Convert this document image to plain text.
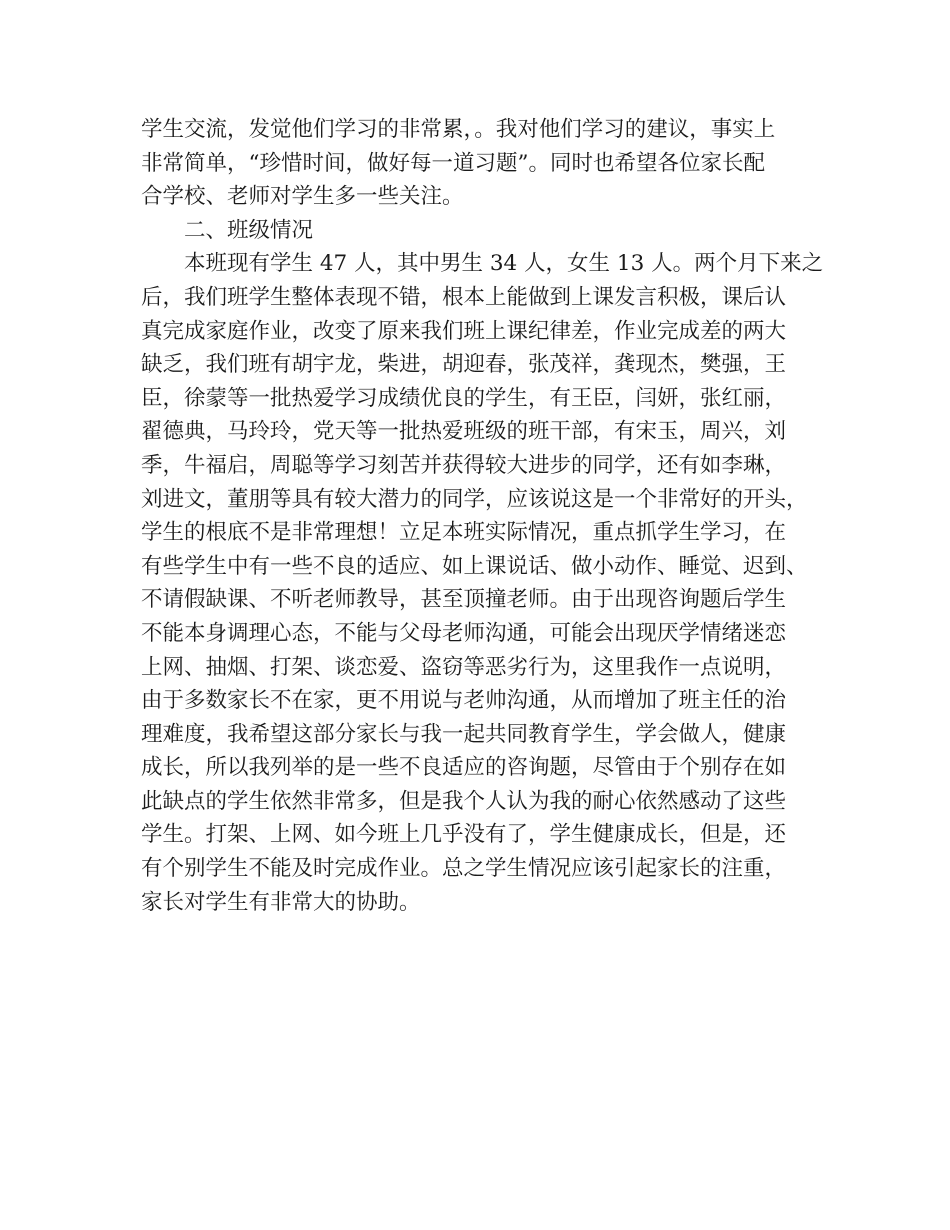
学生交流，发觉他们学习的非常累，。我对他们学习的建议，事实上
非常简单，“珍惜时间，做好每一道习题”。同时也希望各位家长配
合学校、老师对学生多一些关注。
二、班级情况
本班现有学生 47 人，其中男生 34 人，女生 13 人。两个月下来之
后，我们班学生整体表现不错，根本上能做到上课发言积极，课后认
真完成家庭作业，改变了原来我们班上课纪律差，作业完成差的两大
缺乏，我们班有胡宇龙，柴进，胡迎春，张茂祥，龚现杰，樊强，王
臣，徐蒙等一批热爱学习成绩优良的学生，有王臣，闫妍，张红丽，
翟德典，马玲玲，党天等一批热爱班级的班干部，有宋玉，周兴，刘
季，牛福启，周聪等学习刻苦并获得较大进步的同学，还有如李琳，
刘进文，董朋等具有较大潜力的同学，应该说这是一个非常好的开头，
学生的根底不是非常理想！立足本班实际情况，重点抓学生学习，在
有些学生中有一些不良的适应、如上课说话、做小动作、睡觉、迟到、
不请假缺课、不听老师教导，甚至顶撞老师。由于出现咨询题后学生
不能本身调理心态，不能与父母老师沟通，可能会出现厌学情绪迷恋
上网、抽烟、打架、谈恋爱、盗窃等恶劣行为，这里我作一点说明，
由于多数家长不在家，更不用说与老帅沟通，从而增加了班主任的治
理难度，我希望这部分家长与我一起共同教育学生，学会做人，健康
成长，所以我列举的是一些不良适应的咨询题，尽管由于个别存在如
此缺点的学生依然非常多，但是我个人认为我的耐心依然感动了这些
学生。打架、上网、如今班上几乎没有了，学生健康成长，但是，还
有个别学生不能及时完成作业。总之学生情况应该引起家长的注重，
家长对学生有非常大的协助。
